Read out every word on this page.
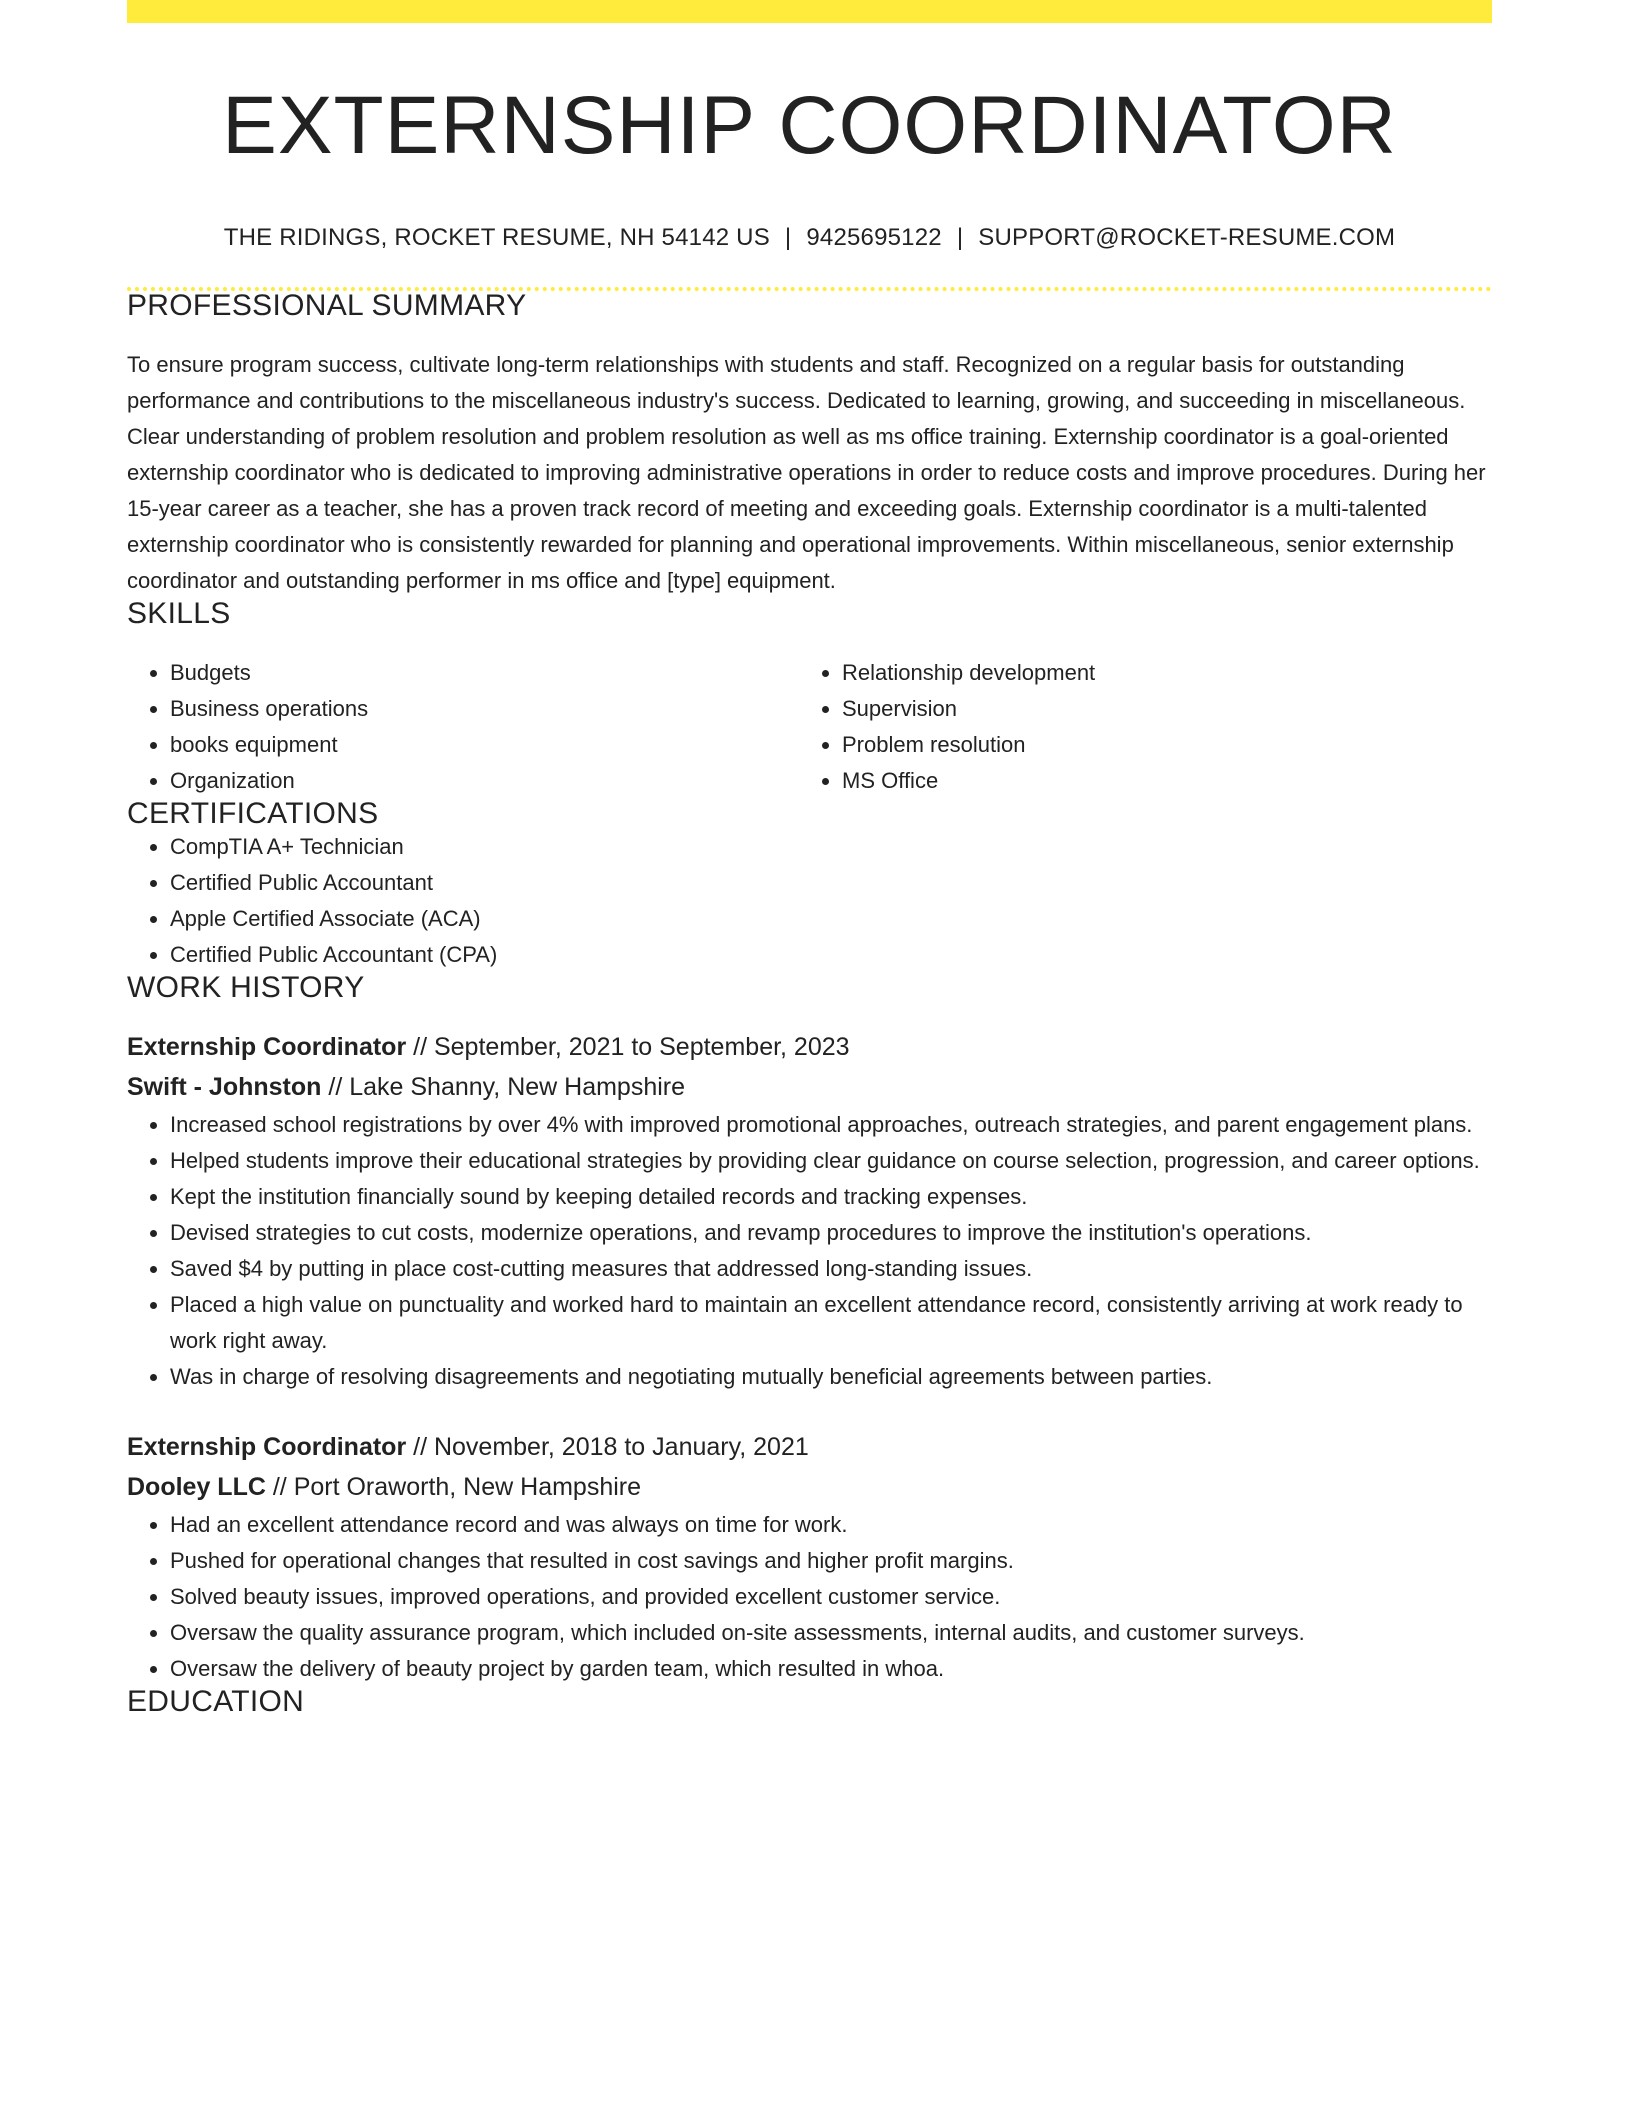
EXTERNSHIP COORDINATOR
THE RIDINGS, ROCKET RESUME, NH 54142 US | 9425695122 | SUPPORT@ROCKET-RESUME.COM
PROFESSIONAL SUMMARY
To ensure program success, cultivate long-term relationships with students and staff. Recognized on a regular basis for outstanding performance and contributions to the miscellaneous industry's success. Dedicated to learning, growing, and succeeding in miscellaneous. Clear understanding of problem resolution and problem resolution as well as ms office training. Externship coordinator is a goal-oriented externship coordinator who is dedicated to improving administrative operations in order to reduce costs and improve procedures. During her 15-year career as a teacher, she has a proven track record of meeting and exceeding goals. Externship coordinator is a multi-talented externship coordinator who is consistently rewarded for planning and operational improvements. Within miscellaneous, senior externship coordinator and outstanding performer in ms office and [type] equipment.
SKILLS
• Budgets
• Business operations
• books equipment
• Organization
• Relationship development
• Supervision
• Problem resolution
• MS Office
CERTIFICATIONS
• CompTIA A+ Technician
• Certified Public Accountant
• Apple Certified Associate (ACA)
• Certified Public Accountant (CPA)
WORK HISTORY
Externship Coordinator // September, 2021 to September, 2023
Swift - Johnston // Lake Shanny, New Hampshire
• Increased school registrations by over 4% with improved promotional approaches, outreach strategies, and parent engagement plans.
• Helped students improve their educational strategies by providing clear guidance on course selection, progression, and career options.
• Kept the institution financially sound by keeping detailed records and tracking expenses.
• Devised strategies to cut costs, modernize operations, and revamp procedures to improve the institution's operations.
• Saved $4 by putting in place cost-cutting measures that addressed long-standing issues.
• Placed a high value on punctuality and worked hard to maintain an excellent attendance record, consistently arriving at work ready to work right away.
• Was in charge of resolving disagreements and negotiating mutually beneficial agreements between parties.
Externship Coordinator // November, 2018 to January, 2021
Dooley LLC // Port Oraworth, New Hampshire
• Had an excellent attendance record and was always on time for work.
• Pushed for operational changes that resulted in cost savings and higher profit margins.
• Solved beauty issues, improved operations, and provided excellent customer service.
• Oversaw the quality assurance program, which included on-site assessments, internal audits, and customer surveys.
• Oversaw the delivery of beauty project by garden team, which resulted in whoa.
EDUCATION
